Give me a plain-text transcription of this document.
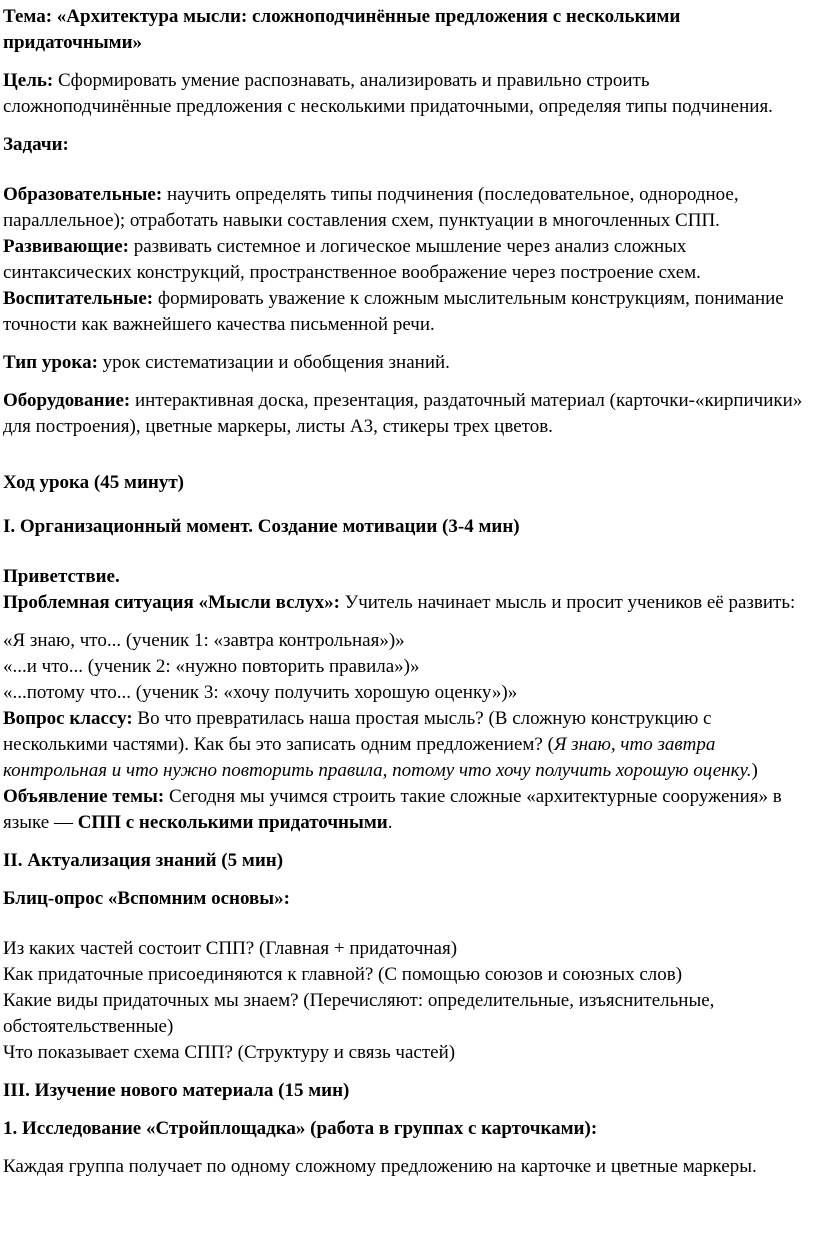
Тема: «Архитектура мысли: сложноподчинённые предложения с несколькими придаточными»

Цель: Сформировать умение распознавать, анализировать и правильно строить сложноподчинённые предложения с несколькими придаточными, определяя типы подчинения.

Задачи:

Образовательные: научить определять типы подчинения (последовательное, однородное, параллельное); отработать навыки составления схем, пунктуации в многочленных СПП.

Развивающие: развивать системное и логическое мышление через анализ сложных синтаксических конструкций, пространственное воображение через построение схем.

Воспитательные: формировать уважение к сложным мыслительным конструкциям, понимание точности как важнейшего качества письменной речи.

Тип урока: урок систематизации и обобщения знаний.

Оборудование: интерактивная доска, презентация, раздаточный материал (карточки-«кирпичики» для построения), цветные маркеры, листы А3, стикеры трех цветов.

Ход урока (45 минут)

I. Организационный момент. Создание мотивации (3-4 мин)

Приветствие.

Проблемная ситуация «Мысли вслух»: Учитель начинает мысль и просит учеников её развить:

«Я знаю, что... (ученик 1: «завтра контрольная»)»

«...и что... (ученик 2: «нужно повторить правила»)»

«...потому что... (ученик 3: «хочу получить хорошую оценку»)»

Вопрос классу: Во что превратилась наша простая мысль? (В сложную конструкцию с несколькими частями). Как бы это записать одним предложением? (Я знаю, что завтра контрольная и что нужно повторить правила, потому что хочу получить хорошую оценку.)

Объявление темы: Сегодня мы учимся строить такие сложные «архитектурные сооружения» в языке — СПП с несколькими придаточными.

II. Актуализация знаний (5 мин)

Блиц-опрос «Вспомним основы»:

Из каких частей состоит СПП? (Главная + придаточная)

Как придаточные присоединяются к главной? (С помощью союзов и союзных слов)

Какие виды придаточных мы знаем? (Перечисляют: определительные, изъяснительные, обстоятельственные)

Что показывает схема СПП? (Структуру и связь частей)

III. Изучение нового материала (15 мин)

1. Исследование «Стройплощадка» (работа в группах с карточками):

Каждая группа получает по одному сложному предложению на карточке и цветные маркеры.
